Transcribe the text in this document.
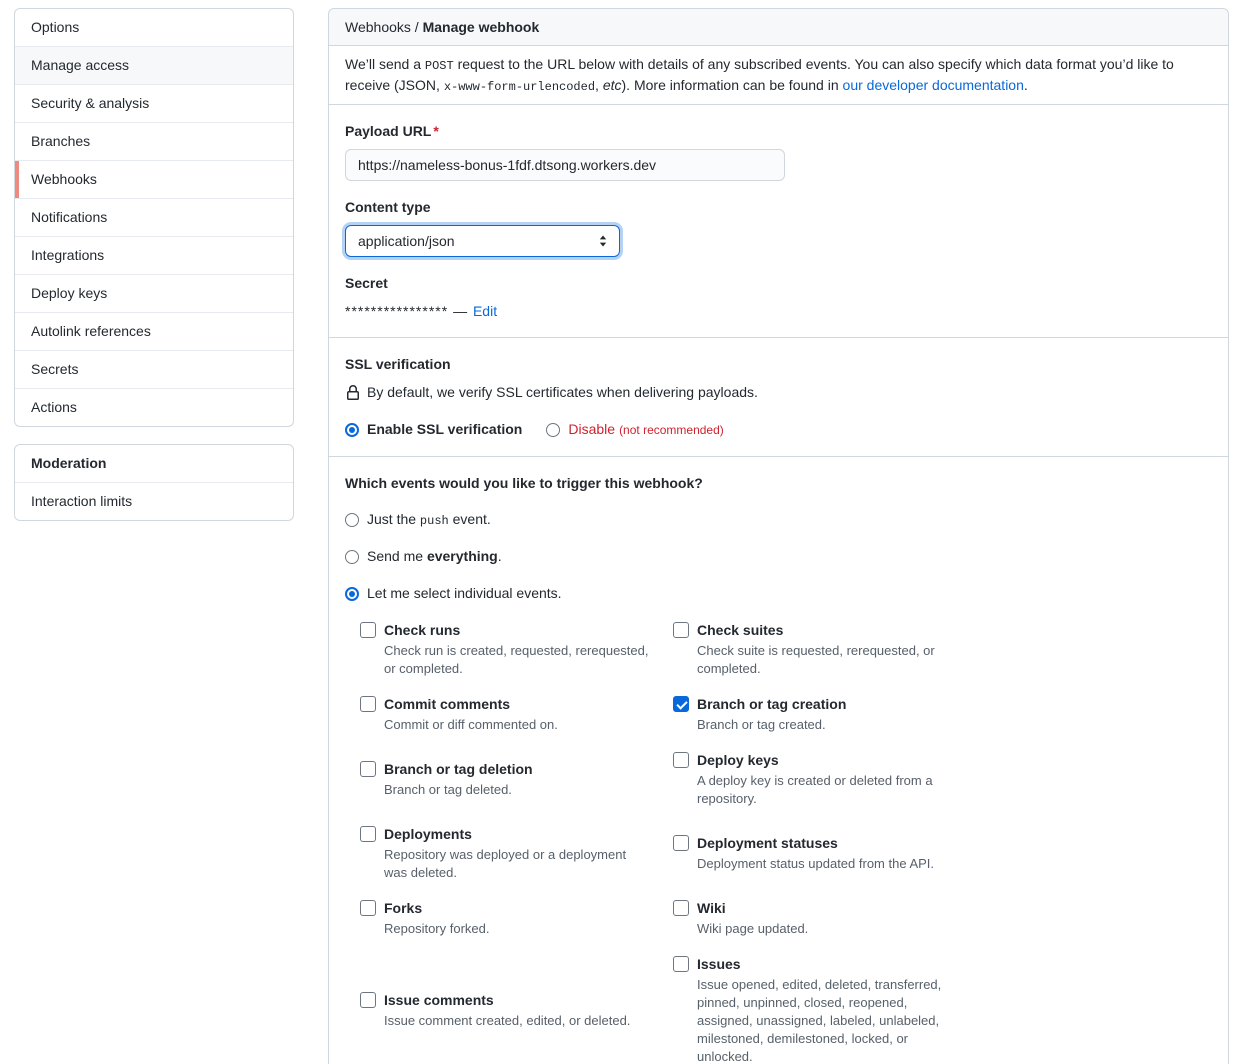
Options
Manage access
Security & analysis
Branches
Webhooks
Notifications
Integrations
Deploy keys
Autolink references
Secrets
Actions
Moderation
Interaction limits
Webhooks / Manage webhook

We’ll send a POST request to the URL below with details of any subscribed events. You can also specify which data format you’d like to receive (JSON, x-www-form-urlencoded, etc). More information can be found in our developer documentation.

Payload URL *
https://nameless-bonus-1fdf.dtsong.workers.dev
Content type
application/json
Secret
**************** — Edit
SSL verification
By default, we verify SSL certificates when delivering payloads.
Enable SSL verification	Disable (not recommended)
Which events would you like to trigger this webhook?
Just the push event.
Send me everything.
Let me select individual events.
Check runs
Check run is created, requested, rerequested, or completed.
Check suites
Check suite is requested, rerequested, or completed.
Commit comments
Commit or diff commented on.
Branch or tag creation
Branch or tag created.
Branch or tag deletion
Branch or tag deleted.
Deploy keys
A deploy key is created or deleted from a repository.
Deployments
Repository was deployed or a deployment was deleted.
Deployment statuses
Deployment status updated from the API.
Forks
Repository forked.
Wiki
Wiki page updated.
Issue comments
Issue comment created, edited, or deleted.
Issues
Issue opened, edited, deleted, transferred, pinned, unpinned, closed, reopened, assigned, unassigned, labeled, unlabeled, milestoned, demilestoned, locked, or unlocked.
